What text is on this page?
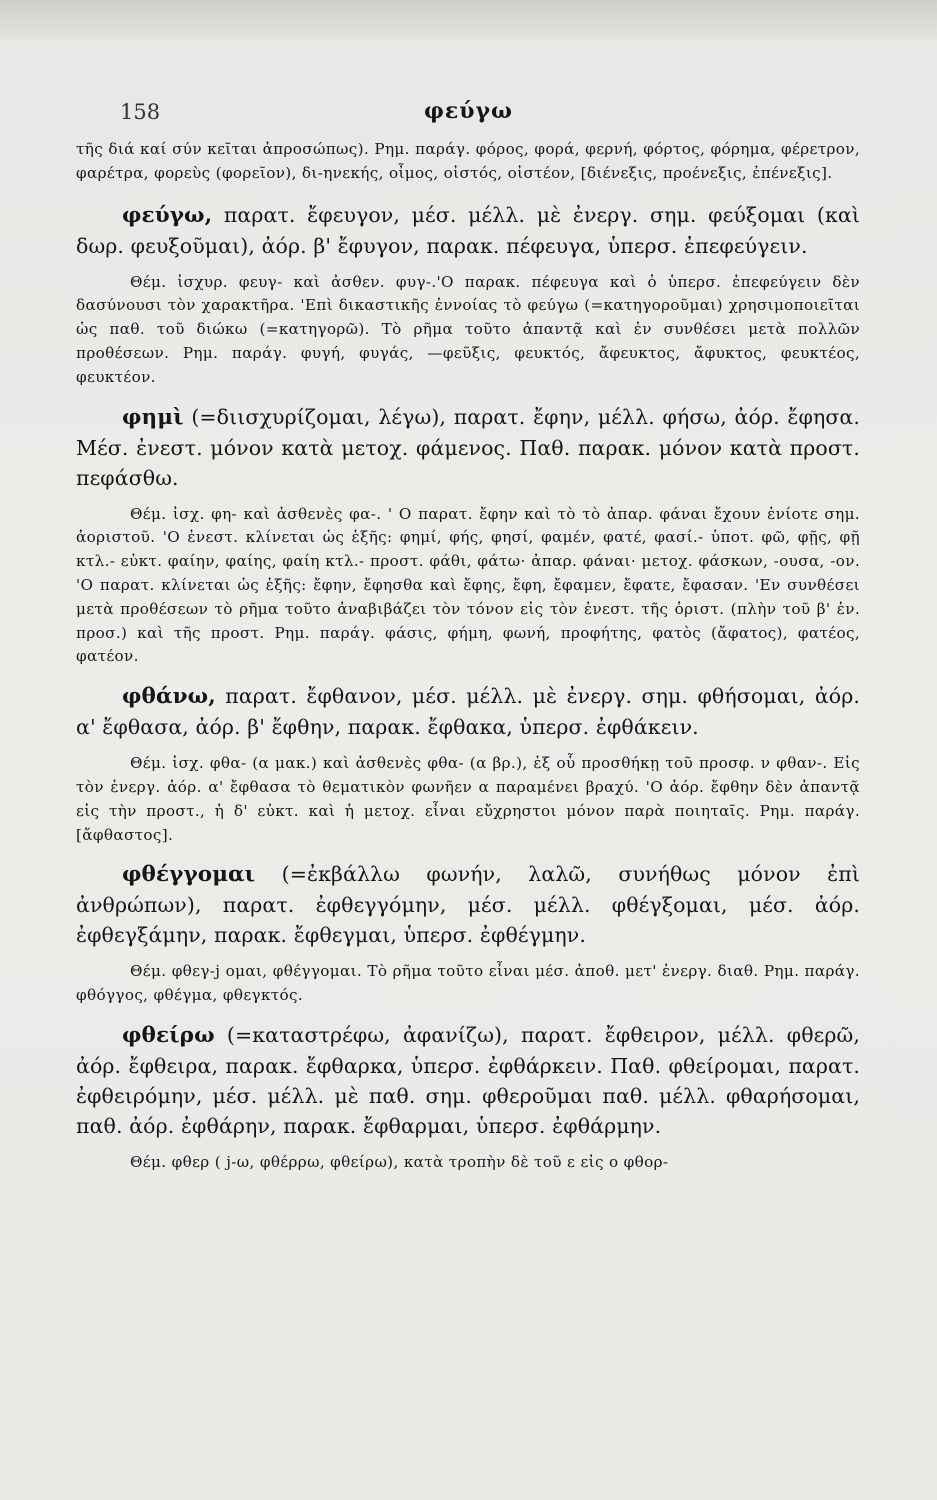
158	φεύγω

τῆς διά καί σύν κεῖται ἀπροσώπως). Ρημ. παράγ. φόρος, φορά, φερνή, φόρτος, φόρημα, φέρετρον, φαρέτρα, φορεὺς (φορεῖον), δι-ηνεκής, οἶμος, οἰστός, οἰστέον, [διένεξις, προένεξις, ἐπένεξις].

φεύγω, παρατ. ἔφευγον, μέσ. μέλλ. μὲ ἐνεργ. σημ. φεύξομαι (καὶ δωρ. φευξοῦμαι), ἀόρ. β' ἔφυγον, παρακ. πέφευγα, ὑπερσ. ἐπεφεύγειν.

Θέμ. ἰσχυρ. φευγ- καὶ ἀσθεν. φυγ-.'Ο παρακ. πέφευγα καὶ ὁ ὑπερσ. ἐπεφεύγειν δὲν δασύνουσι τὸν χαρακτῆρα. 'Επὶ δικαστικῆς ἐννοίας τὸ φεύγω (=κατηγοροῦμαι) χρησιμοποιεῖται ὡς παθ. τοῦ διώκω (=κατηγορῶ). Τὸ ρῆμα τοῦτο ἀπαντᾷ καὶ ἐν συνθέσει μετὰ πολλῶν προθέσεων. Ρημ. παράγ. φυγή, φυγάς, —φεῦξις, φευκτός, ἄφευκτος, ἄφυκτος, φευκτέος, φευκτέον.

φημὶ (=διισχυρίζομαι, λέγω), παρατ. ἔφην, μέλλ. φήσω, ἀόρ. ἔφησα. Μέσ. ἐνεστ. μόνον κατὰ μετοχ. φάμενος. Παθ. παρακ. μόνον κατὰ προστ. πεφάσθω.

Θέμ. ἰσχ. φη- καὶ ἀσθενὲς φα-. ' Ο παρατ. ἔφην καὶ τὸ τὸ ἀπαρ. φάναι ἔχουν ἐνίοτε σημ. ἀοριστοῦ. 'Ο ἐνεστ. κλίνεται ὡς ἑξῆς: φημί, φής, φησί, φαμέν, φατέ, φασί.- ὑποτ. φῶ, φῇς, φῇ κτλ.- εὐκτ. φαίην, φαίης, φαίη κτλ.- προστ. φάθι, φάτω· ἀπαρ. φάναι· μετοχ. φάσκων, -ουσα, -ον. 'Ο παρατ. κλίνεται ὡς ἑξῆς: ἔφην, ἔφησθα καὶ ἔφης, ἔφη, ἔφαμεν, ἔφατε, ἔφασαν. 'Εν συνθέσει μετὰ προθέσεων τὸ ρῆμα τοῦτο ἀναβιβάζει τὸν τόνον εἰς τὸν ἐνεστ. τῆς ὁριστ. (πλὴν τοῦ β' ἑν. προσ.) καὶ τῆς προστ. Ρημ. παράγ. φάσις, φήμη, φωνή, προφήτης, φατὸς (ἄφατος), φατέος, φατέον.

φθάνω, παρατ. ἔφθανον, μέσ. μέλλ. μὲ ἐνεργ. σημ. φθήσομαι, ἀόρ. α' ἔφθασα, ἀόρ. β' ἔφθην, παρακ. ἔφθακα, ὑπερσ. ἐφθάκειν.

Θέμ. ἰσχ. φθα- (α μακ.) καὶ ἀσθενὲς φθα- (α βρ.), ἐξ οὗ προσθήκῃ τοῦ προσφ. ν φθαν-. Εἰς τὸν ἐνεργ. ἀόρ. α' ἔφθασα τὸ θεματικὸν φωνῆεν α παραμένει βραχύ. 'Ο ἀόρ. ἔφθην δὲν ἀπαντᾷ εἰς τὴν προστ., ἡ δ' εὐκτ. καὶ ἡ μετοχ. εἶναι εὔχρηστοι μόνον παρὰ ποιηταῖς. Ρημ. παράγ. [ἄφθαστος].

φθέγγομαι (=ἐκβάλλω φωνήν, λαλῶ, συνήθως μόνον ἐπὶ ἀνθρώπων), παρατ. ἐφθεγγόμην, μέσ. μέλλ. φθέγξομαι, μέσ. ἀόρ. ἐφθεγξάμην, παρακ. ἔφθεγμαι, ὑπερσ. ἐφθέγμην.

Θέμ. φθεγ-j ομαι, φθέγγομαι. Τὸ ρῆμα τοῦτο εἶναι μέσ. ἀποθ. μετ' ἐνεργ. διαθ. Ρημ. παράγ. φθόγγος, φθέγμα, φθεγκτός.

φθείρω (=καταστρέφω, ἀφανίζω), παρατ. ἔφθειρον, μέλλ. φθερῶ, ἀόρ. ἔφθειρα, παρακ. ἔφθαρκα, ὑπερσ. ἐφθάρκειν. Παθ. φθείρομαι, παρατ. ἐφθειρόμην, μέσ. μέλλ. μὲ παθ. σημ. φθεροῦμαι παθ. μέλλ. φθαρήσομαι, παθ. ἀόρ. ἐφθάρην, παρακ. ἔφθαρμαι, ὑπερσ. ἐφθάρμην.

Θέμ. φθερ ( j-ω, φθέρρω, φθείρω), κατὰ τροπὴν δὲ τοῦ ε εἰς ο φθορ-
